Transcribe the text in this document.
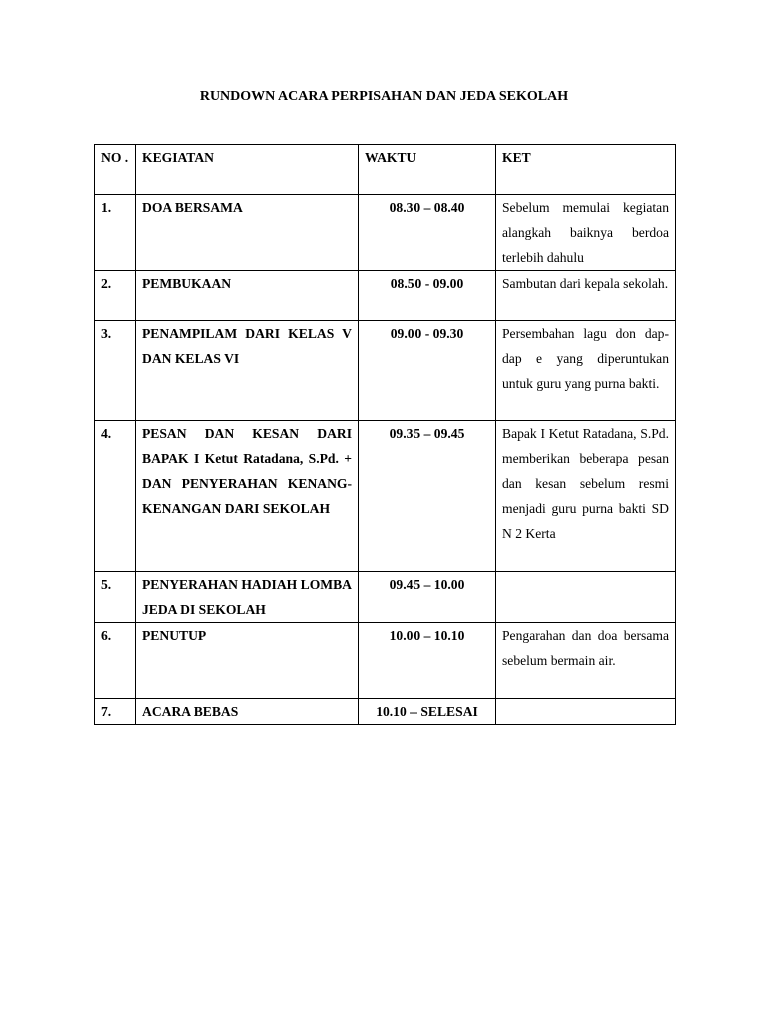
RUNDOWN ACARA PERPISAHAN DAN JEDA SEKOLAH
NO .	KEGIATAN	WAKTU	KET
1.	DOA BERSAMA	08.30 – 08.40	Sebelum memulai kegiatan alangkah baiknya berdoa terlebih dahulu
2.	PEMBUKAAN	08.50 - 09.00	Sambutan dari kepala sekolah.
3.	PENAMPILAM DARI KELAS V DAN KELAS VI	09.00 - 09.30	Persembahan lagu don dap-dap e yang diperuntukan untuk guru yang purna bakti.
4.	PESAN DAN KESAN DARI BAPAK I Ketut Ratadana, S.Pd. + DAN PENYERAHAN KENANG-KENANGAN DARI SEKOLAH	09.35 – 09.45	Bapak I Ketut Ratadana, S.Pd. memberikan beberapa pesan dan kesan sebelum resmi menjadi guru purna bakti SD N 2 Kerta
5.	PENYERAHAN HADIAH LOMBA JEDA DI SEKOLAH	09.45 – 10.00	
6.	PENUTUP	10.00 – 10.10	Pengarahan dan doa bersama sebelum bermain air.
7.	ACARA BEBAS	10.10 – SELESAI	
